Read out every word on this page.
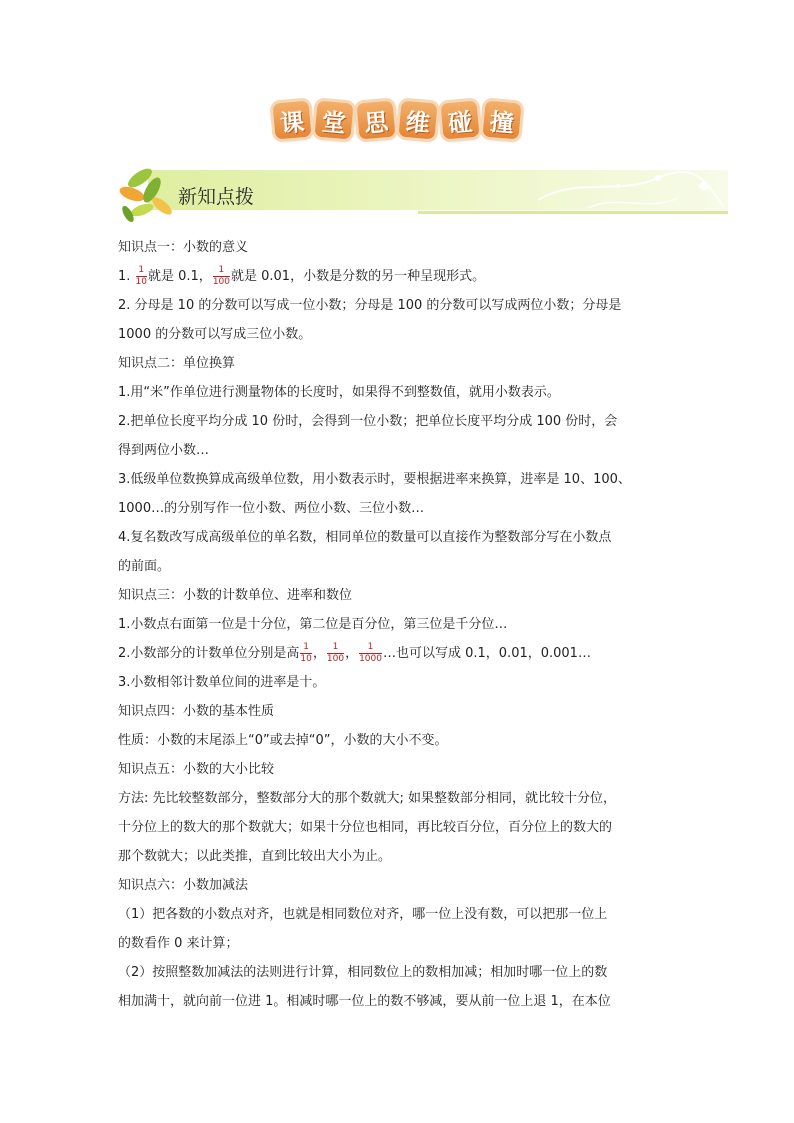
课 堂 思 维 碰 撞
新知点拨
知识点一：小数的意义
1. $\frac{1}{10}$ 就是 0.1， $\frac{1}{100}$ 就是 0.01，小数是分数的另一种呈现形式。
2. 分母是 10 的分数可以写成一位小数；分母是 100 的分数可以写成两位小数；分母是
1000 的分数可以写成三位小数。
知识点二：单位换算
1.用“米”作单位进行测量物体的长度时，如果得不到整数值，就用小数表示。
2.把单位长度平均分成 10 份时，会得到一位小数；把单位长度平均分成 100 份时，会
得到两位小数…
3.低级单位数换算成高级单位数，用小数表示时，要根据进率来换算，进率是 10、100、
1000…的分别写作一位小数、两位小数、三位小数…
4.复名数改写成高级单位的单名数，相同单位的数量可以直接作为整数部分写在小数点
的前面。
知识点三：小数的计数单位、进率和数位
1.小数点右面第一位是十分位，第二位是百分位，第三位是千分位…
2.小数部分的计数单位分别是高 $\frac{1}{10}$ ， $\frac{1}{100}$ ， $\frac{1}{1000}$ …也可以写成 0.1，0.01，0.001…
3.小数相邻计数单位间的进率是十。
知识点四：小数的基本性质
性质：小数的末尾添上“0”或去掉“0”，小数的大小不变。
知识点五：小数的大小比较
方法: 先比较整数部分，整数部分大的那个数就大; 如果整数部分相同，就比较十分位，
十分位上的数大的那个数就大；如果十分位也相同，再比较百分位，百分位上的数大的
那个数就大；以此类推，直到比较出大小为止。
知识点六：小数加减法
（1）把各数的小数点对齐，也就是相同数位对齐，哪一位上没有数，可以把那一位上
的数看作 0 来计算；
（2）按照整数加减法的法则进行计算，相同数位上的数相加减；相加时哪一位上的数
相加满十，就向前一位进 1。相减时哪一位上的数不够减，要从前一位上退 1，在本位
